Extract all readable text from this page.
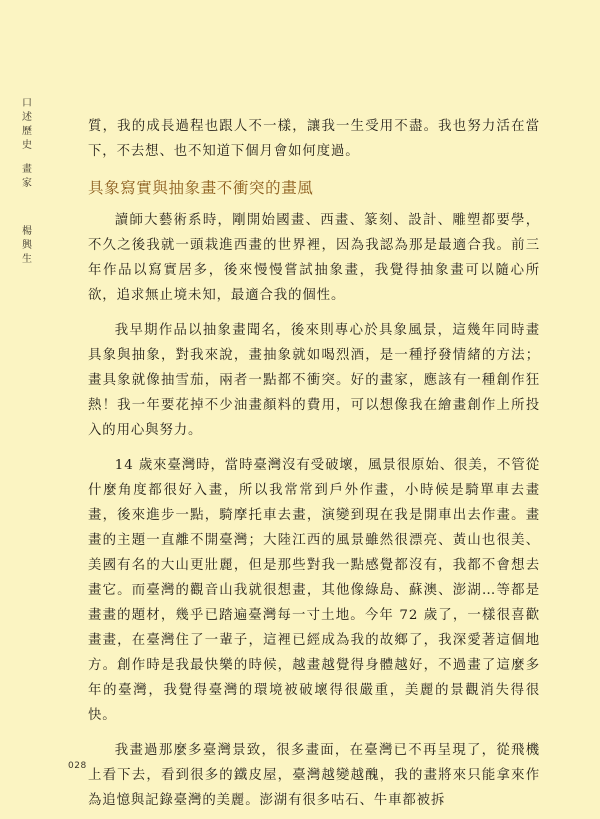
口述歷史
畫家
楊興生

質，我的成長過程也跟人不一樣，讓我一生受用不盡。我也努力活在當下，不去想、也不知道下個月會如何度過。

具象寫實與抽象畫不衝突的畫風

讀師大藝術系時，剛開始國畫、西畫、篆刻、設計、雕塑都要學，不久之後我就一頭栽進西畫的世界裡，因為我認為那是最適合我。前三年作品以寫實居多，後來慢慢嘗試抽象畫，我覺得抽象畫可以隨心所欲，追求無止境未知，最適合我的個性。

我早期作品以抽象畫聞名，後來則專心於具象風景，這幾年同時畫具象與抽象，對我來說，畫抽象就如喝烈酒，是一種抒發情緒的方法；畫具象就像抽雪茄，兩者一點都不衝突。好的畫家，應該有一種創作狂熱！我一年要花掉不少油畫顏料的費用，可以想像我在繪畫創作上所投入的用心與努力。

14 歲來臺灣時，當時臺灣沒有受破壞，風景很原始、很美，不管從什麼角度都很好入畫，所以我常常到戶外作畫，小時候是騎單車去畫畫，後來進步一點，騎摩托車去畫，演變到現在我是開車出去作畫。畫畫的主題一直離不開臺灣；大陸江西的風景雖然很漂亮、黃山也很美、美國有名的大山更壯麗，但是那些對我一點感覺都沒有，我都不會想去畫它。而臺灣的觀音山我就很想畫，其他像綠島、蘇澳、澎湖…等都是畫畫的題材，幾乎已踏遍臺灣每一寸土地。今年 72 歲了，一樣很喜歡畫畫，在臺灣住了一輩子，這裡已經成為我的故鄉了，我深愛著這個地方。創作時是我最快樂的時候，越畫越覺得身體越好，不過畫了這麼多年的臺灣，我覺得臺灣的環境被破壞得很嚴重，美麗的景觀消失得很快。

我畫過那麼多臺灣景致，很多畫面，在臺灣已不再呈現了，從飛機上看下去，看到很多的鐵皮屋，臺灣越變越醜，我的畫將來只能拿來作為追憶與記錄臺灣的美麗。澎湖有很多咕石、牛車都被拆

028
